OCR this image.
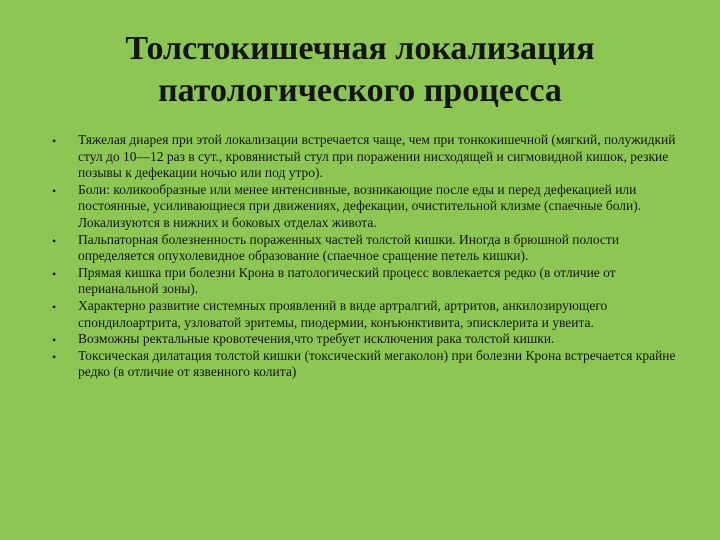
Толстокишечная локализация
патологического процесса
• Тяжелая диарея при этой локализации встречается чаще, чем при тонкокишечной (мягкий, полужидкий стул до 10—12 раз в сут., кровянистый стул при поражении нисходящей и сигмовидной кишок, резкие позывы к дефекации ночью или под утро).
• Боли: коликообразные или менее интенсивные, возникающие после еды и перед дефекацией или постоянные, усиливающиеся при движениях, дефекации, очистительной клизме (спаечные боли). Локализуются в нижних и боковых отделах живота.
• Пальпаторная болезненность пораженных частей толстой кишки. Иногда в брюшной полости определяется опухолевидное образование (спаечное сращение петель кишки).
• Прямая кишка при болезни Крона в патологический процесс вовлекается редко (в отличие от перианальной зоны).
• Характерно развитие системных проявлений в виде артралгий, артритов, анкилозирующего спондилоартрита, узловатой эритемы, пиодермии, конъюнктивита, эписклерита и увеита.
• Возможны ректальные кровотечения,что требует исключения рака толстой кишки.
• Токсическая дилатация толстой кишки (токсический мегаколон) при болезни Крона встречается крайне редко (в отличие от язвенного колита)
